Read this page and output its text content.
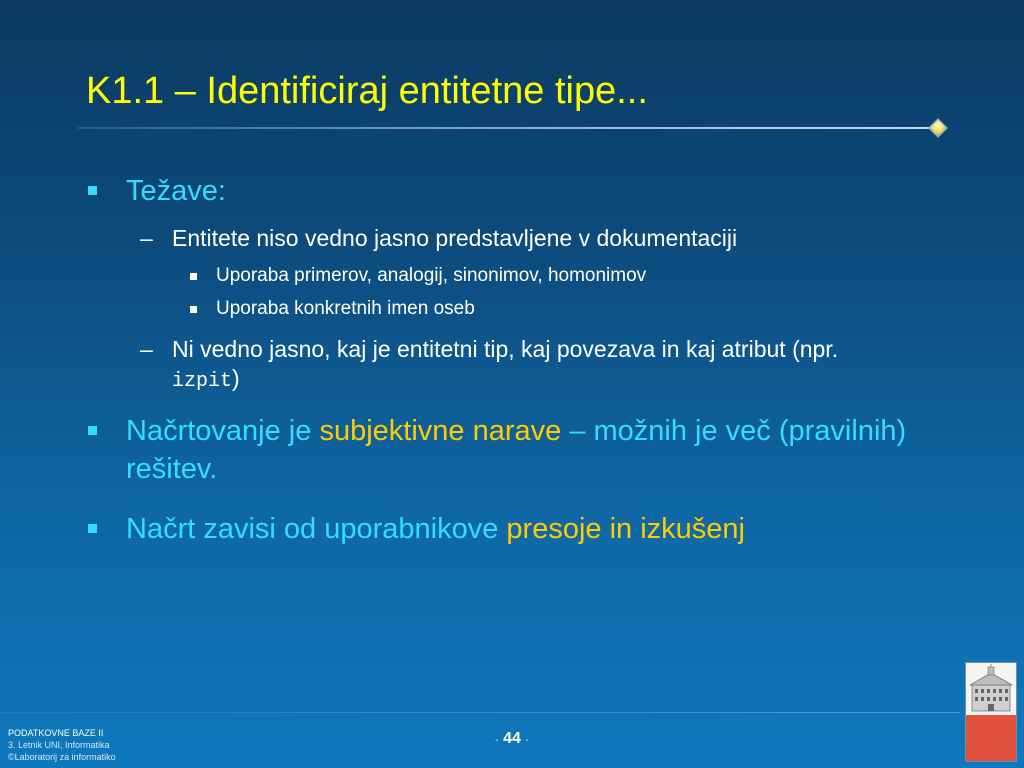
K1.1 – Identificiraj entitetne tipe...
Težave:
– Entitete niso vedno jasno predstavljene v dokumentaciji
Uporaba primerov, analogij, sinonimov, homonimov
Uporaba konkretnih imen oseb
– Ni vedno jasno, kaj je entitetni tip, kaj povezava in kaj atribut (npr. izpit)
Načrtovanje je subjektivne narave – možnih je več (pravilnih) rešitev.
Načrt zavisi od uporabnikove presoje in izkušenj
PODATKOVNE BAZE II
3. Letnik UNI, Informatika
©Laboratorij za informatiko
- 44 -
